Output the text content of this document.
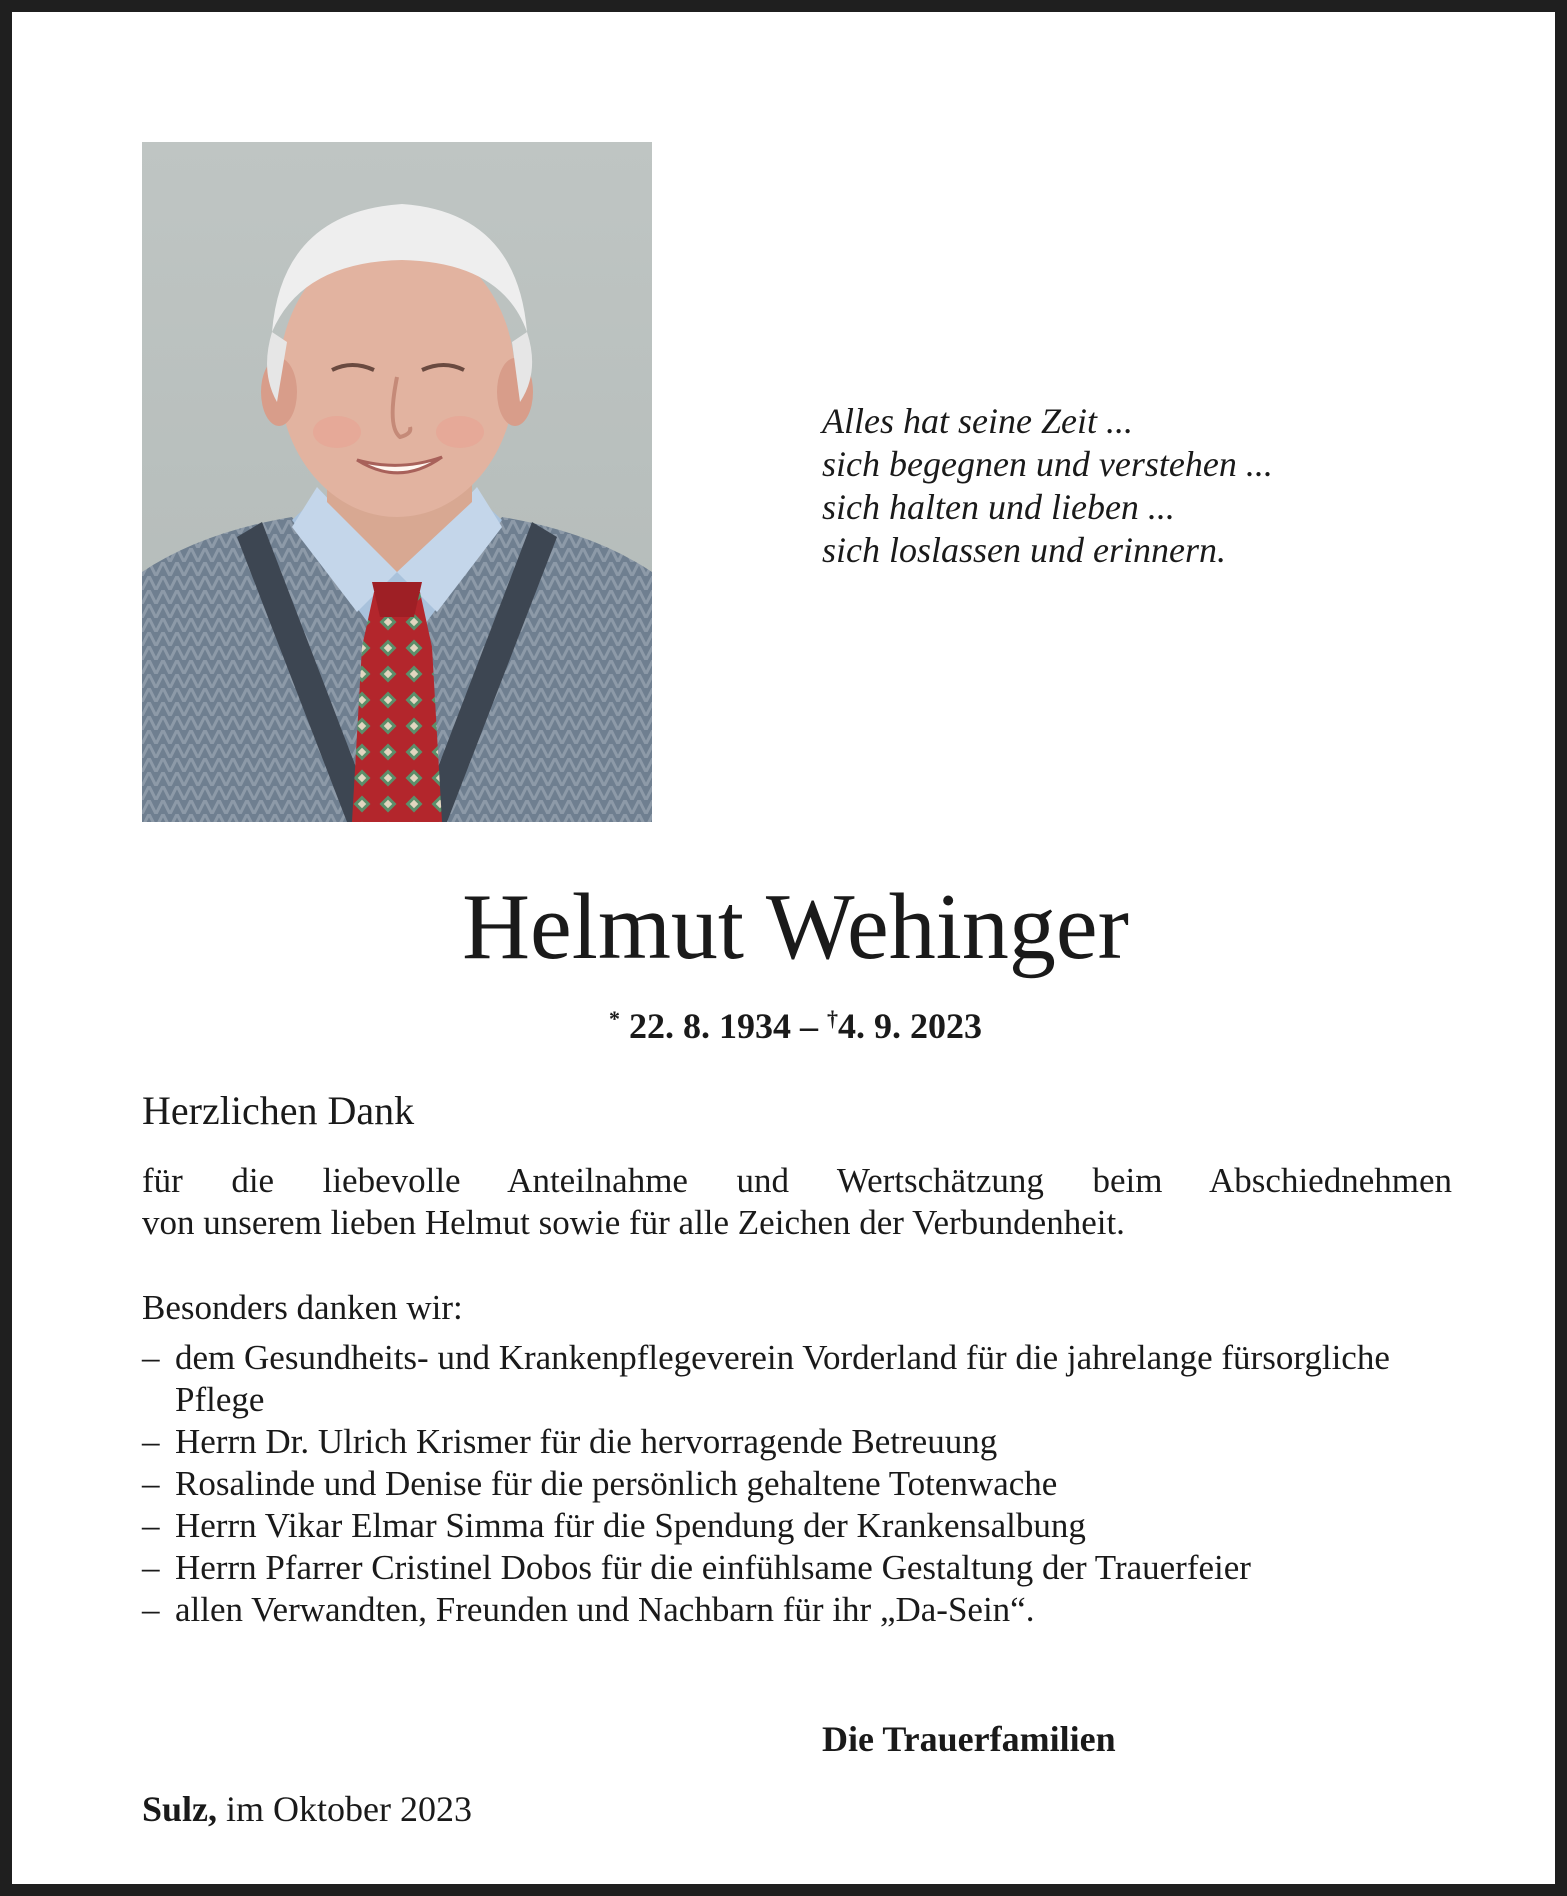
Alles hat seine Zeit ...
sich begegnen und verstehen ...
sich halten und lieben ...
sich loslassen und erinnern.
Helmut Wehinger
* 22. 8. 1934 – †4. 9. 2023
Herzlichen Dank
für die liebevolle Anteilnahme und Wertschätzung beim Abschiednehmen
von unserem lieben Helmut sowie für alle Zeichen der Verbundenheit.
Besonders danken wir:
– dem Gesundheits- und Krankenpflegeverein Vorderland für die jahrelange fürsorgliche Pflege
– Herrn Dr. Ulrich Krismer für die hervorragende Betreuung
– Rosalinde und Denise für die persönlich gehaltene Totenwache
– Herrn Vikar Elmar Simma für die Spendung der Krankensalbung
– Herrn Pfarrer Cristinel Dobos für die einfühlsame Gestaltung der Trauerfeier
– allen Verwandten, Freunden und Nachbarn für ihr „Da-Sein“.
Die Trauerfamilien
Sulz, im Oktober 2023
